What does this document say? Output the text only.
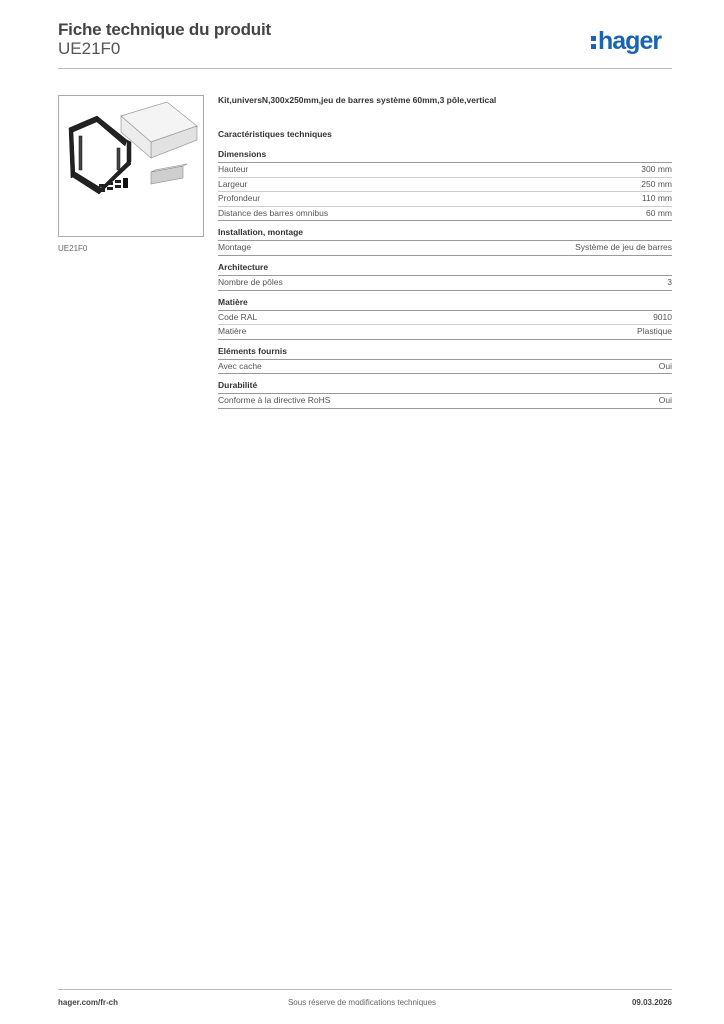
Fiche technique du produit
UE21F0	hager
UE21F0
Kit,universN,300x250mm,jeu de barres système 60mm,3 pôle,vertical
Caractéristiques techniques
Dimensions
Hauteur	300 mm
Largeur	250 mm
Profondeur	110 mm
Distance des barres omnibus	60 mm
Installation, montage
Montage	Système de jeu de barres
Architecture
Nombre de pôles	3
Matière
Code RAL	9010
Matière	Plastique
Eléments fournis
Avec cache	Oui
Durabilité
Conforme à la directive RoHS	Oui
hager.com/fr-ch	Sous réserve de modifications techniques	09.03.2026
